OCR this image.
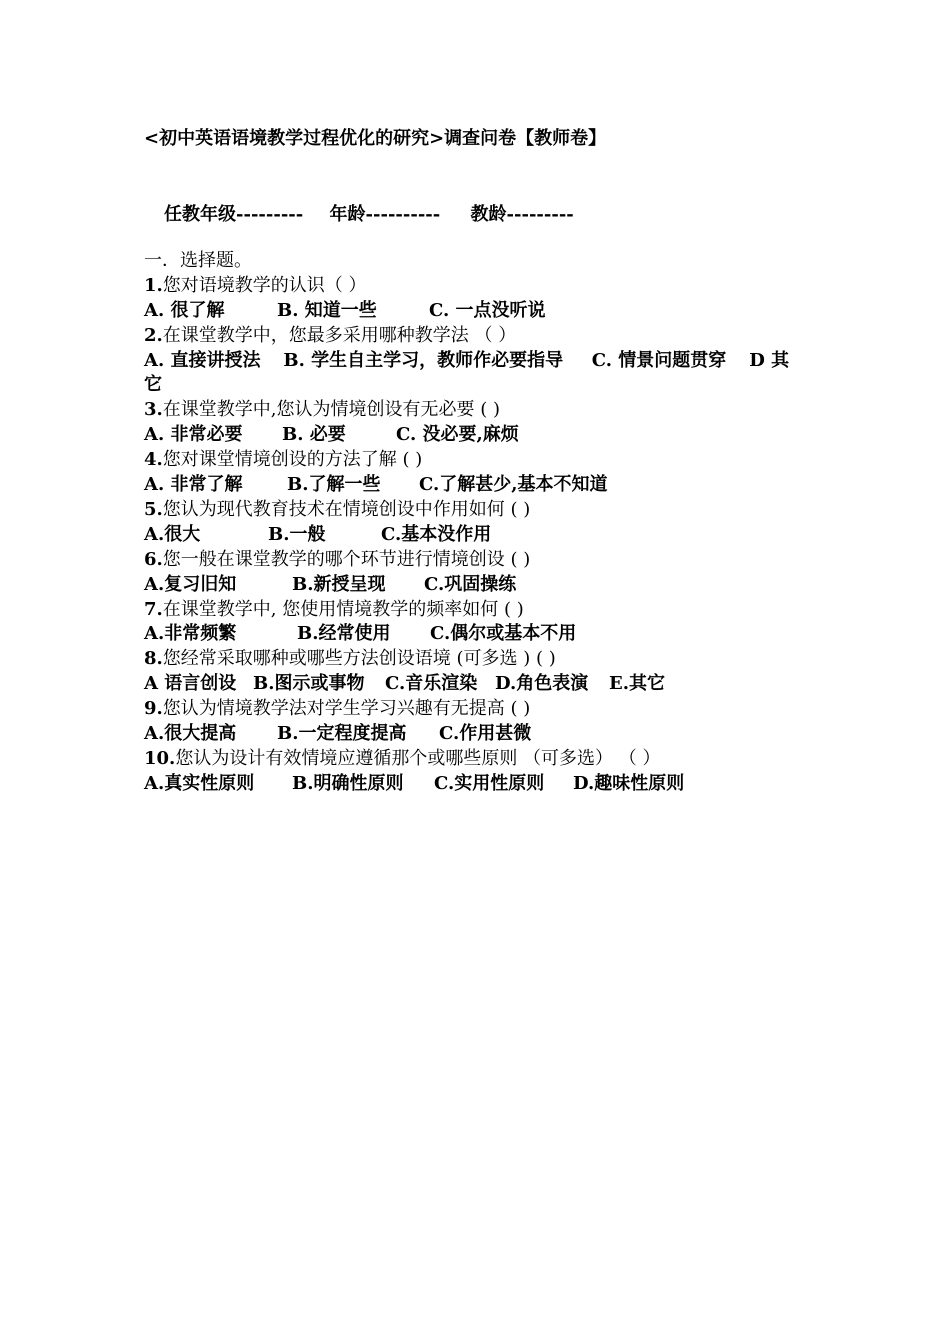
<初中英语语境教学过程优化的研究>调查问卷【教师卷】
任教年级--------- 年龄---------- 教龄---------
一．选择题。
1.您对语境教学的认识（ ）
A. 很了解	B. 知道一些	C. 一点没听说
2.在课堂教学中，您最多采用哪种教学法 （ ）
A. 直接讲授法 B. 学生自主学习，教师作必要指导 C. 情景问题贯穿 D 其它
3.在课堂教学中,您认为情境创设有无必要 ( )
A. 非常必要 B. 必要	C. 没必要,麻烦
4.您对课堂情境创设的方法了解 ( )
A. 非常了解 B.了解一些 C.了解甚少,基本不知道
5.您认为现代教育技术在情境创设中作用如何 ( )
A.很大	B.一般	C.基本没作用
6.您一般在课堂教学的哪个环节进行情境创设 ( )
A.复习旧知	B.新授呈现 C.巩固操练
7.在课堂教学中, 您使用情境教学的频率如何 ( )
A.非常频繁	B.经常使用 C.偶尔或基本不用
8.您经常采取哪种或哪些方法创设语境 (可多选 ) ( )
A 语言创设 B.图示或事物 C.音乐渲染 D.角色表演 E.其它
9.您认为情境教学法对学生学习兴趣有无提高 ( )
A.很大提高 B.一定程度提高 C.作用甚微
10.您认为设计有效情境应遵循那个或哪些原则 （可多选） （ ）
A.真实性原则 B.明确性原则 C.实用性原则 D.趣味性原则
